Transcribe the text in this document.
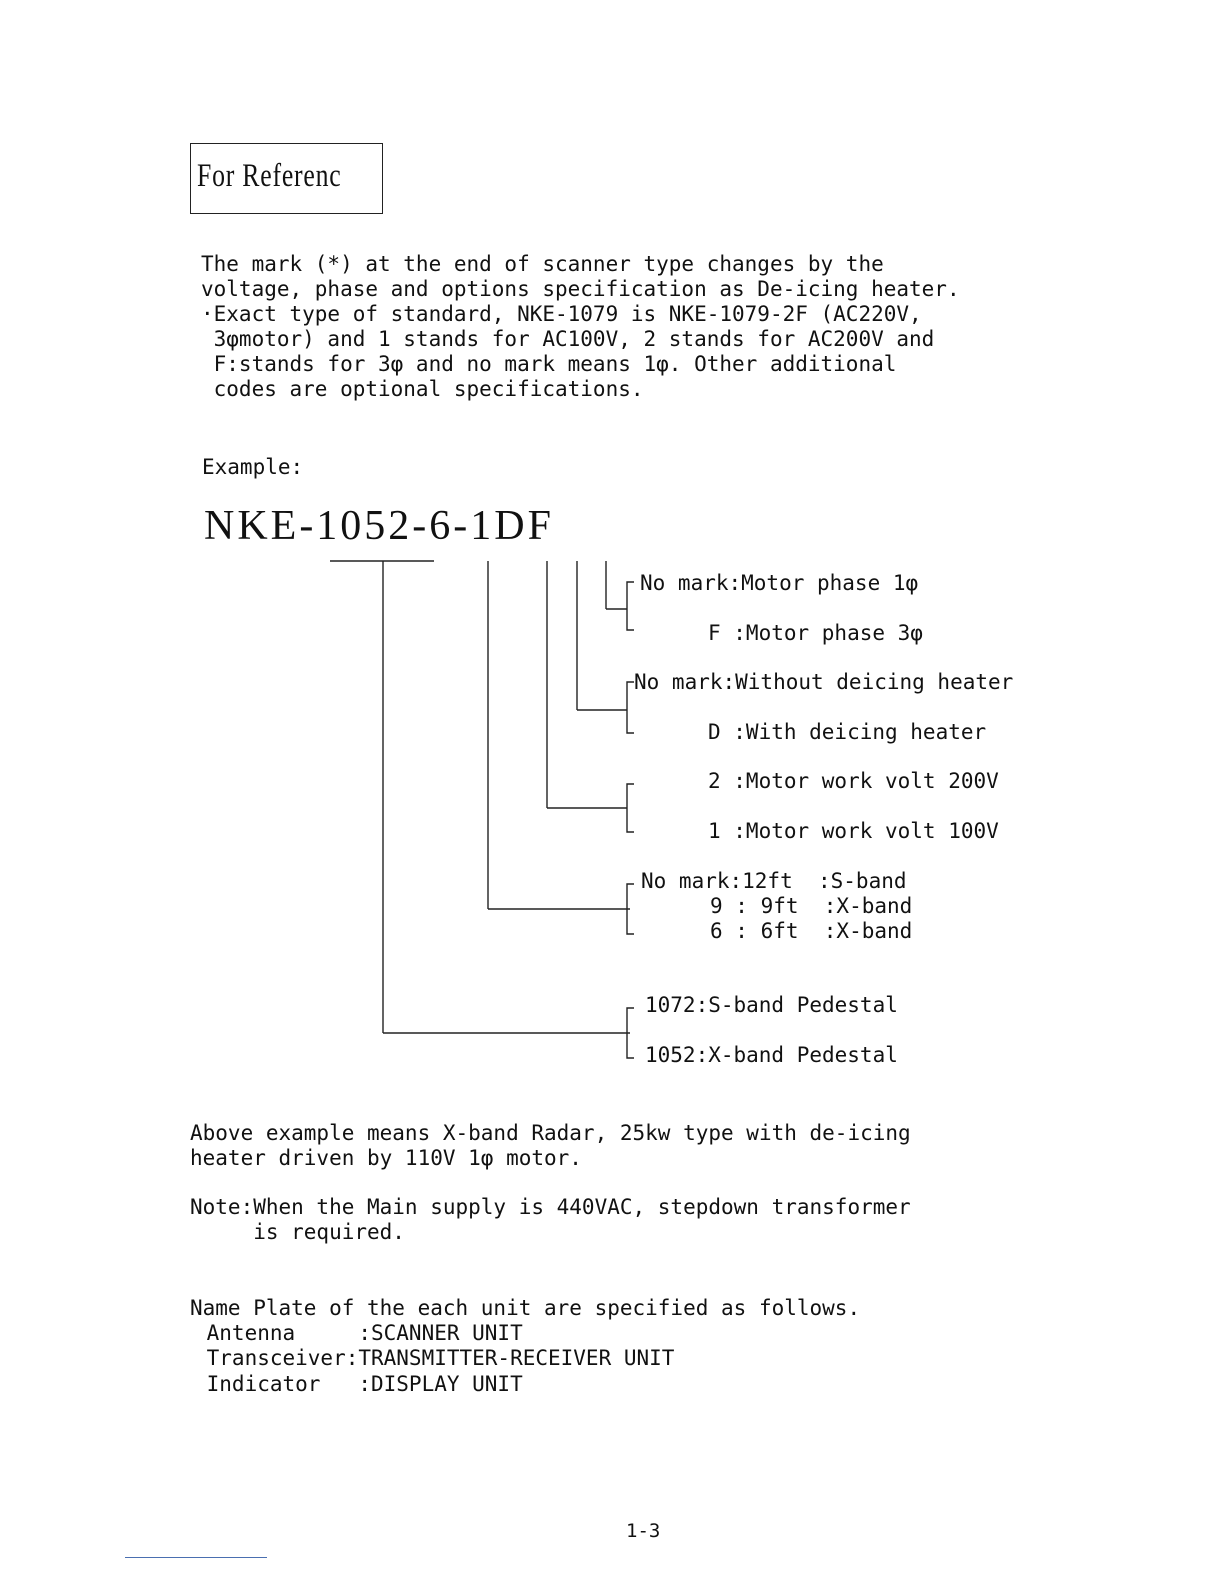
For Referenc
The mark (*) at the end of scanner type changes by the
voltage, phase and options specification as De-icing heater.
·Exact type of standard, NKE-1079 is NKE-1079-2F (AC220V,
3φmotor) and 1 stands for AC100V, 2 stands for AC200V and
F:stands for 3φ and no mark means 1φ. Other additional
codes are optional specifications.
Example:
NKE-1052-6-1DF
No mark:Motor phase 1φ
F :Motor phase 3φ
No mark:Without deicing heater
D :With deicing heater
2 :Motor work volt 200V
1 :Motor work volt 100V
No mark:12ft  :S-band
9 : 9ft  :X-band
6 : 6ft  :X-band
1072:S-band Pedestal
1052:X-band Pedestal
Above example means X-band Radar, 25kw type with de-icing
heater driven by 110V 1φ motor.
Note:When the Main supply is 440VAC, stepdown transformer
is required.
Name Plate of the each unit are specified as follows.
Antenna     :SCANNER UNIT
Transceiver:TRANSMITTER-RECEIVER UNIT
Indicator   :DISPLAY UNIT
1-3
